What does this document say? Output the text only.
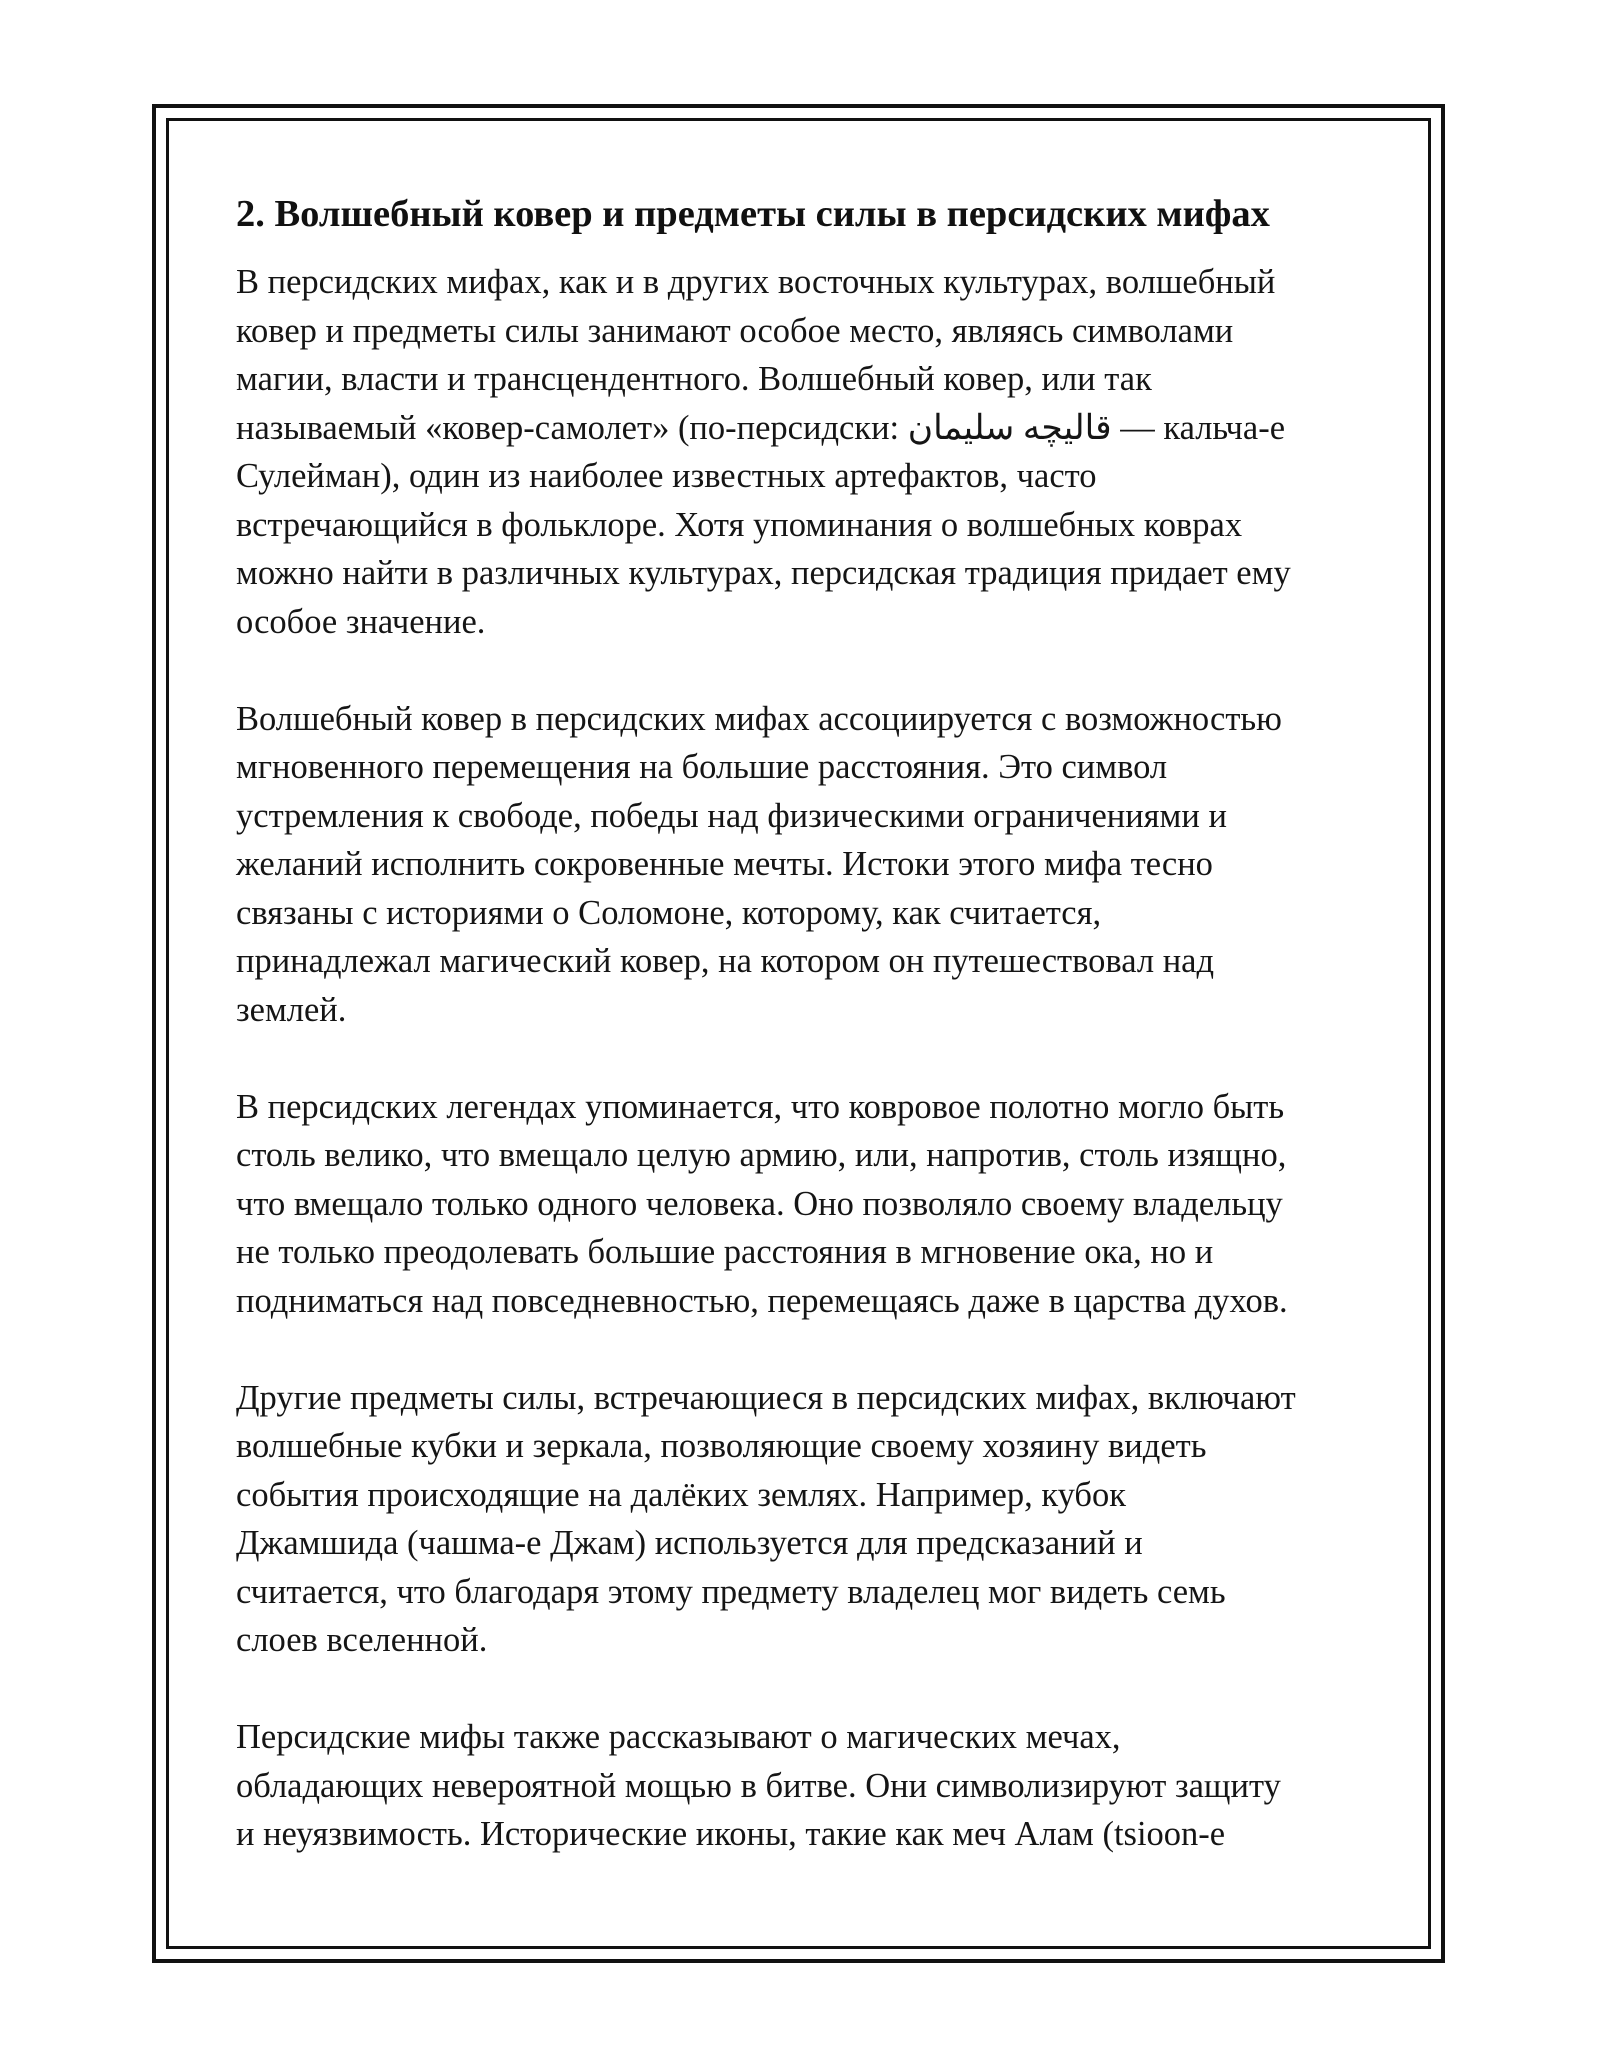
2. Волшебный ковер и предметы силы в персидских мифах

В персидских мифах, как и в других восточных культурах, волшебный
ковер и предметы силы занимают особое место, являясь символами
магии, власти и трансцендентного. Волшебный ковер, или так
называемый «ковер-самолет» (по-персидски: قالیچه سلیمان — кальча-е
Сулейман), один из наиболее известных артефактов, часто
встречающийся в фольклоре. Хотя упоминания о волшебных коврах
можно найти в различных культурах, персидская традиция придает ему
особое значение.

Волшебный ковер в персидских мифах ассоциируется с возможностью
мгновенного перемещения на большие расстояния. Это символ
устремления к свободе, победы над физическими ограничениями и
желаний исполнить сокровенные мечты. Истоки этого мифа тесно
связаны с историями о Соломоне, которому, как считается,
принадлежал магический ковер, на котором он путешествовал над
землей.

В персидских легендах упоминается, что ковровое полотно могло быть
столь велико, что вмещало целую армию, или, напротив, столь изящно,
что вмещало только одного человека. Оно позволяло своему владельцу
не только преодолевать большие расстояния в мгновение ока, но и
подниматься над повседневностью, перемещаясь даже в царства духов.

Другие предметы силы, встречающиеся в персидских мифах, включают
волшебные кубки и зеркала, позволяющие своему хозяину видеть
события происходящие на далёких землях. Например, кубок
Джамшида (чашма-е Джам) используется для предсказаний и
считается, что благодаря этому предмету владелец мог видеть семь
слоев вселенной.

Персидские мифы также рассказывают о магических мечах,
обладающих невероятной мощью в битве. Они символизируют защиту
и неуязвимость. Исторические иконы, такие как меч Алам (tsioon-e
